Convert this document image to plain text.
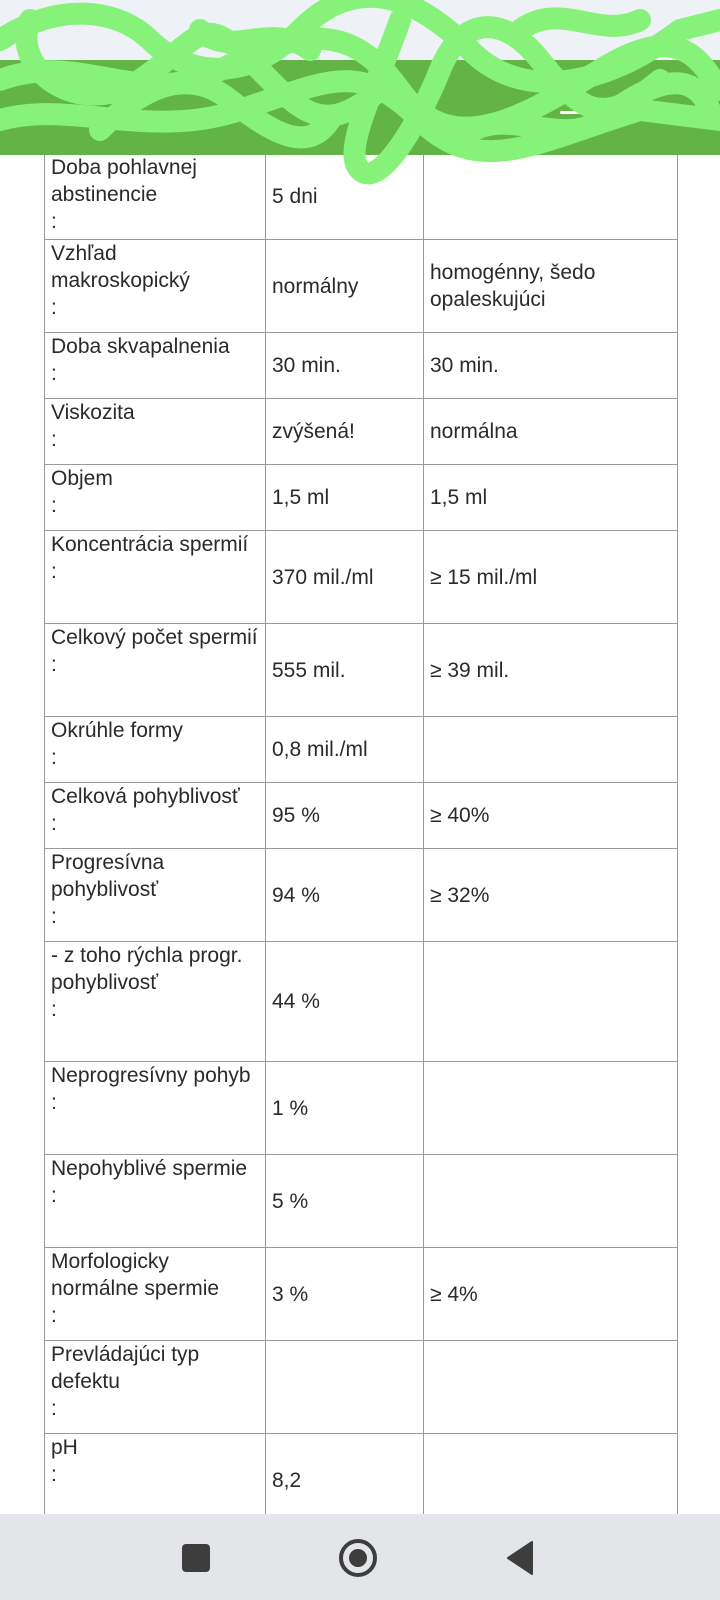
Doba pohlavnej abstinencie
:	5 dni	

Vzhľad makroskopický
:	normálny	homogénny, šedo opaleskujúci

Doba skvapalnenia
:	30 min.	30 min.

Viskozita
:	zvýšená!	normálna

Objem
:	1,5 ml	1,5 ml

Koncentrácia spermií
:	370 mil./ml	≥ 15 mil./ml

Celkový počet spermií
:	555 mil.	≥ 39 mil.

Okrúhle formy
:	0,8 mil./ml	

Celková pohyblivosť
:	95 %	≥ 40%

Progresívna pohyblivosť
:	94 %	≥ 32%

- z toho rýchla progr. pohyblivosť
:	44 %	

Neprogresívny pohyb
:	1 %	

Nepohyblivé spermie
:	5 %	

Morfologicky normálne spermie
:	3 %	≥ 4%

Prevládajúci typ defektu
:		

pH
:	8,2	
